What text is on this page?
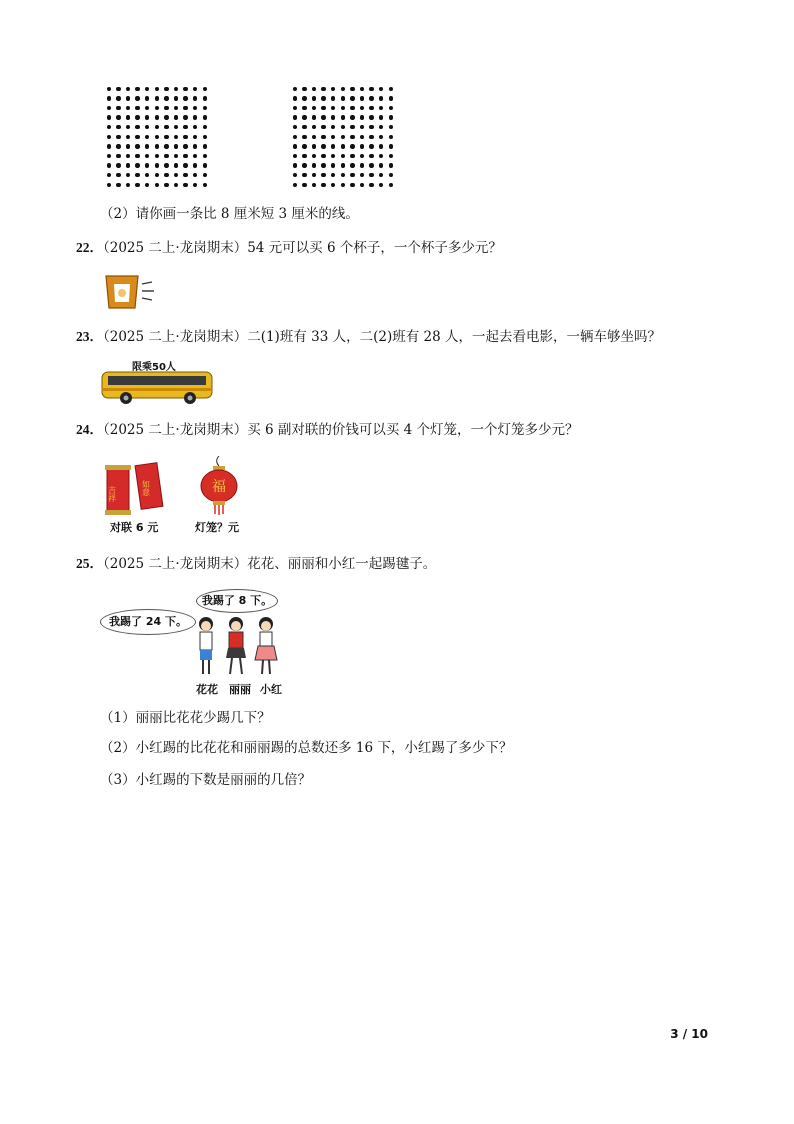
（2）请你画一条比 8 厘米短 3 厘米的线。
22．（2025 二上·龙岗期末）54 元可以买 6 个杯子，一个杯子多少元？
23．（2025 二上·龙岗期末）二(1)班有 33 人，二(2)班有 28 人，一起去看电影，一辆车够坐吗？
限乘50人
24．（2025 二上·龙岗期末）买 6 副对联的价钱可以买 4 个灯笼，一个灯笼多少元？
吉祥	如意	福
对联 6 元	灯笼？元
25．（2025 二上·龙岗期末）花花、丽丽和小红一起踢毽子。
我踢了 24 下。
我踢了 8 下。
花花 丽丽 小红
（1）丽丽比花花少踢几下？
（2）小红踢的比花花和丽丽踢的总数还多 16 下，小红踢了多少下？
（3）小红踢的下数是丽丽的几倍？
3 / 10
